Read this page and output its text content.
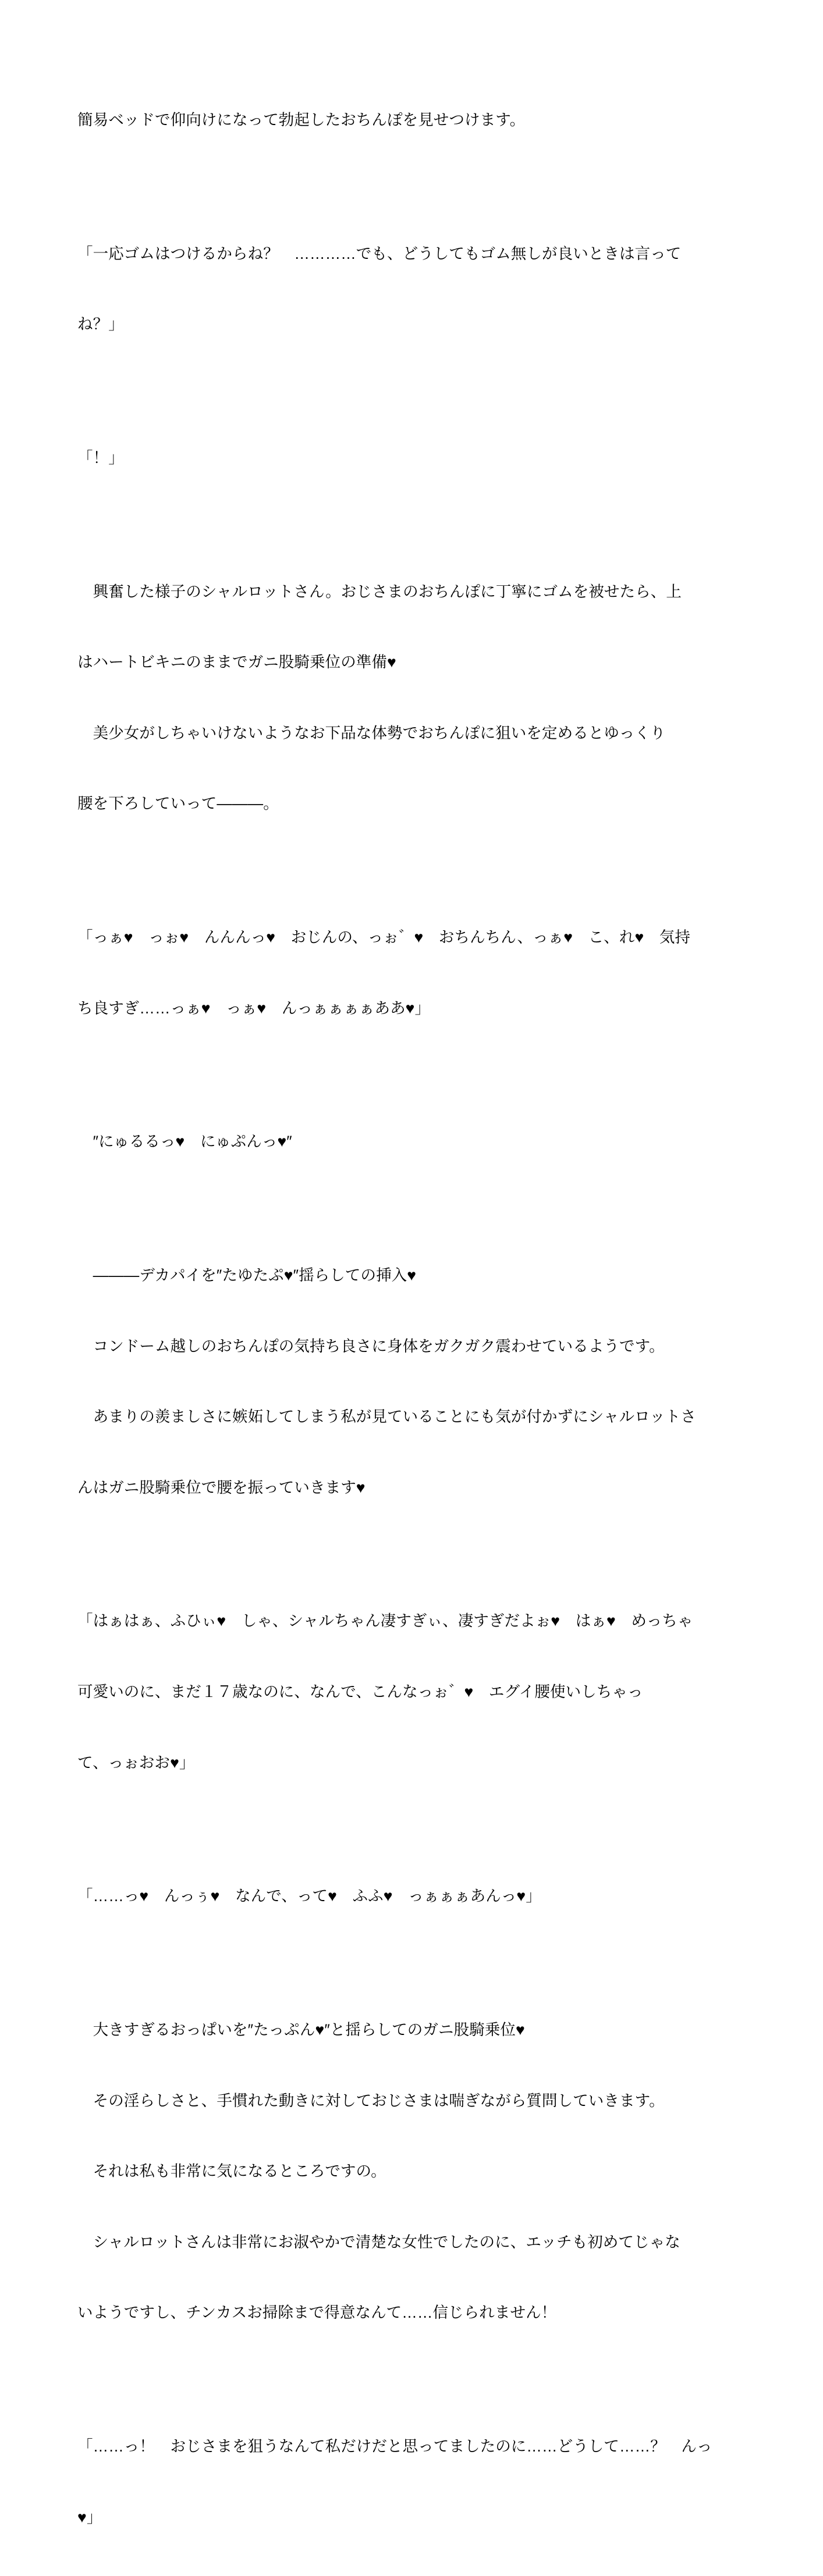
簡易ベッドで仰向けになって勃起したおちんぽを見せつけます。

「一応ゴムはつけるからね？　…………でも、どうしてもゴム無しが良いときは言って

ね？」

「！」

　興奮した様子のシャルロットさん。おじさまのおちんぽに丁寧にゴムを被せたら、上

はハートビキニのままでガニ股騎乗位の準備♥

　美少女がしちゃいけないようなお下品な体勢でおちんぽに狙いを定めるとゆっくり

腰を下ろしていって―――。

「っぁ♥　っぉ♥　んんんっ♥　おじんの、っぉ゛♥　おちんちん、っぁ♥　こ、れ♥　気持

ち良すぎ……っぁ♥　っぁ♥　んっぁぁぁぁああ♥」

　″にゅるるっ♥　にゅぷんっ♥″

　―――デカパイを″たゆたぷ♥″揺らしての挿入♥

　コンドーム越しのおちんぽの気持ち良さに身体をガクガク震わせているようです。

　あまりの羨ましさに嫉妬してしまう私が見ていることにも気が付かずにシャルロットさ

んはガニ股騎乗位で腰を振っていきます♥

「はぁはぁ、ふひぃ♥　しゃ、シャルちゃん凄すぎぃ、凄すぎだよぉ♥　はぁ♥　めっちゃ

可愛いのに、まだ１７歳なのに、なんで、こんなっぉ゛♥　エグイ腰使いしちゃっ

て、っぉおお♥」

「……っ♥　んっぅ♥　なんで、って♥　ふふ♥　っぁぁぁあんっ♥」

　大きすぎるおっぱいを″たっぷん♥″と揺らしてのガニ股騎乗位♥

　その淫らしさと、手慣れた動きに対しておじさまは喘ぎながら質問していきます。

　それは私も非常に気になるところですの。

　シャルロットさんは非常にお淑やかで清楚な女性でしたのに、エッチも初めてじゃな

いようですし、チンカスお掃除まで得意なんて……信じられません！

「……っ！　おじさまを狙うなんて私だけだと思ってましたのに……どうして……？　んっ

♥」
